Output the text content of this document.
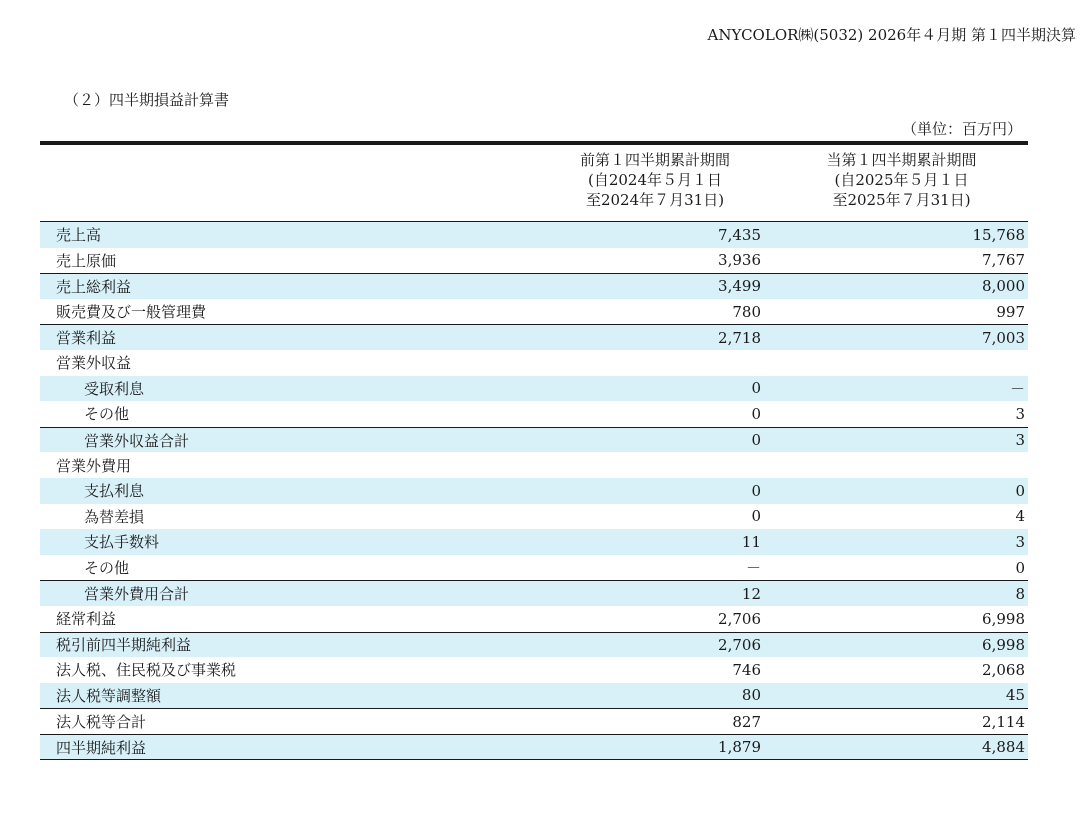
ANYCOLOR㈱(5032) 2026年４月期 第１四半期決算
（２）四半期損益計算書
（単位：百万円）
前第１四半期累計期間
(自2024年５月１日
至2024年７月31日)
当第１四半期累計期間
(自2025年５月１日
至2025年７月31日)
売上高	7,435	15,768
売上原価	3,936	7,767
売上総利益	3,499	8,000
販売費及び一般管理費	780	997
営業利益	2,718	7,003
営業外収益
受取利息	0	－
その他	0	3
営業外収益合計	0	3
営業外費用
支払利息	0	0
為替差損	0	4
支払手数料	11	3
その他	－	0
営業外費用合計	12	8
経常利益	2,706	6,998
税引前四半期純利益	2,706	6,998
法人税、住民税及び事業税	746	2,068
法人税等調整額	80	45
法人税等合計	827	2,114
四半期純利益	1,879	4,884
